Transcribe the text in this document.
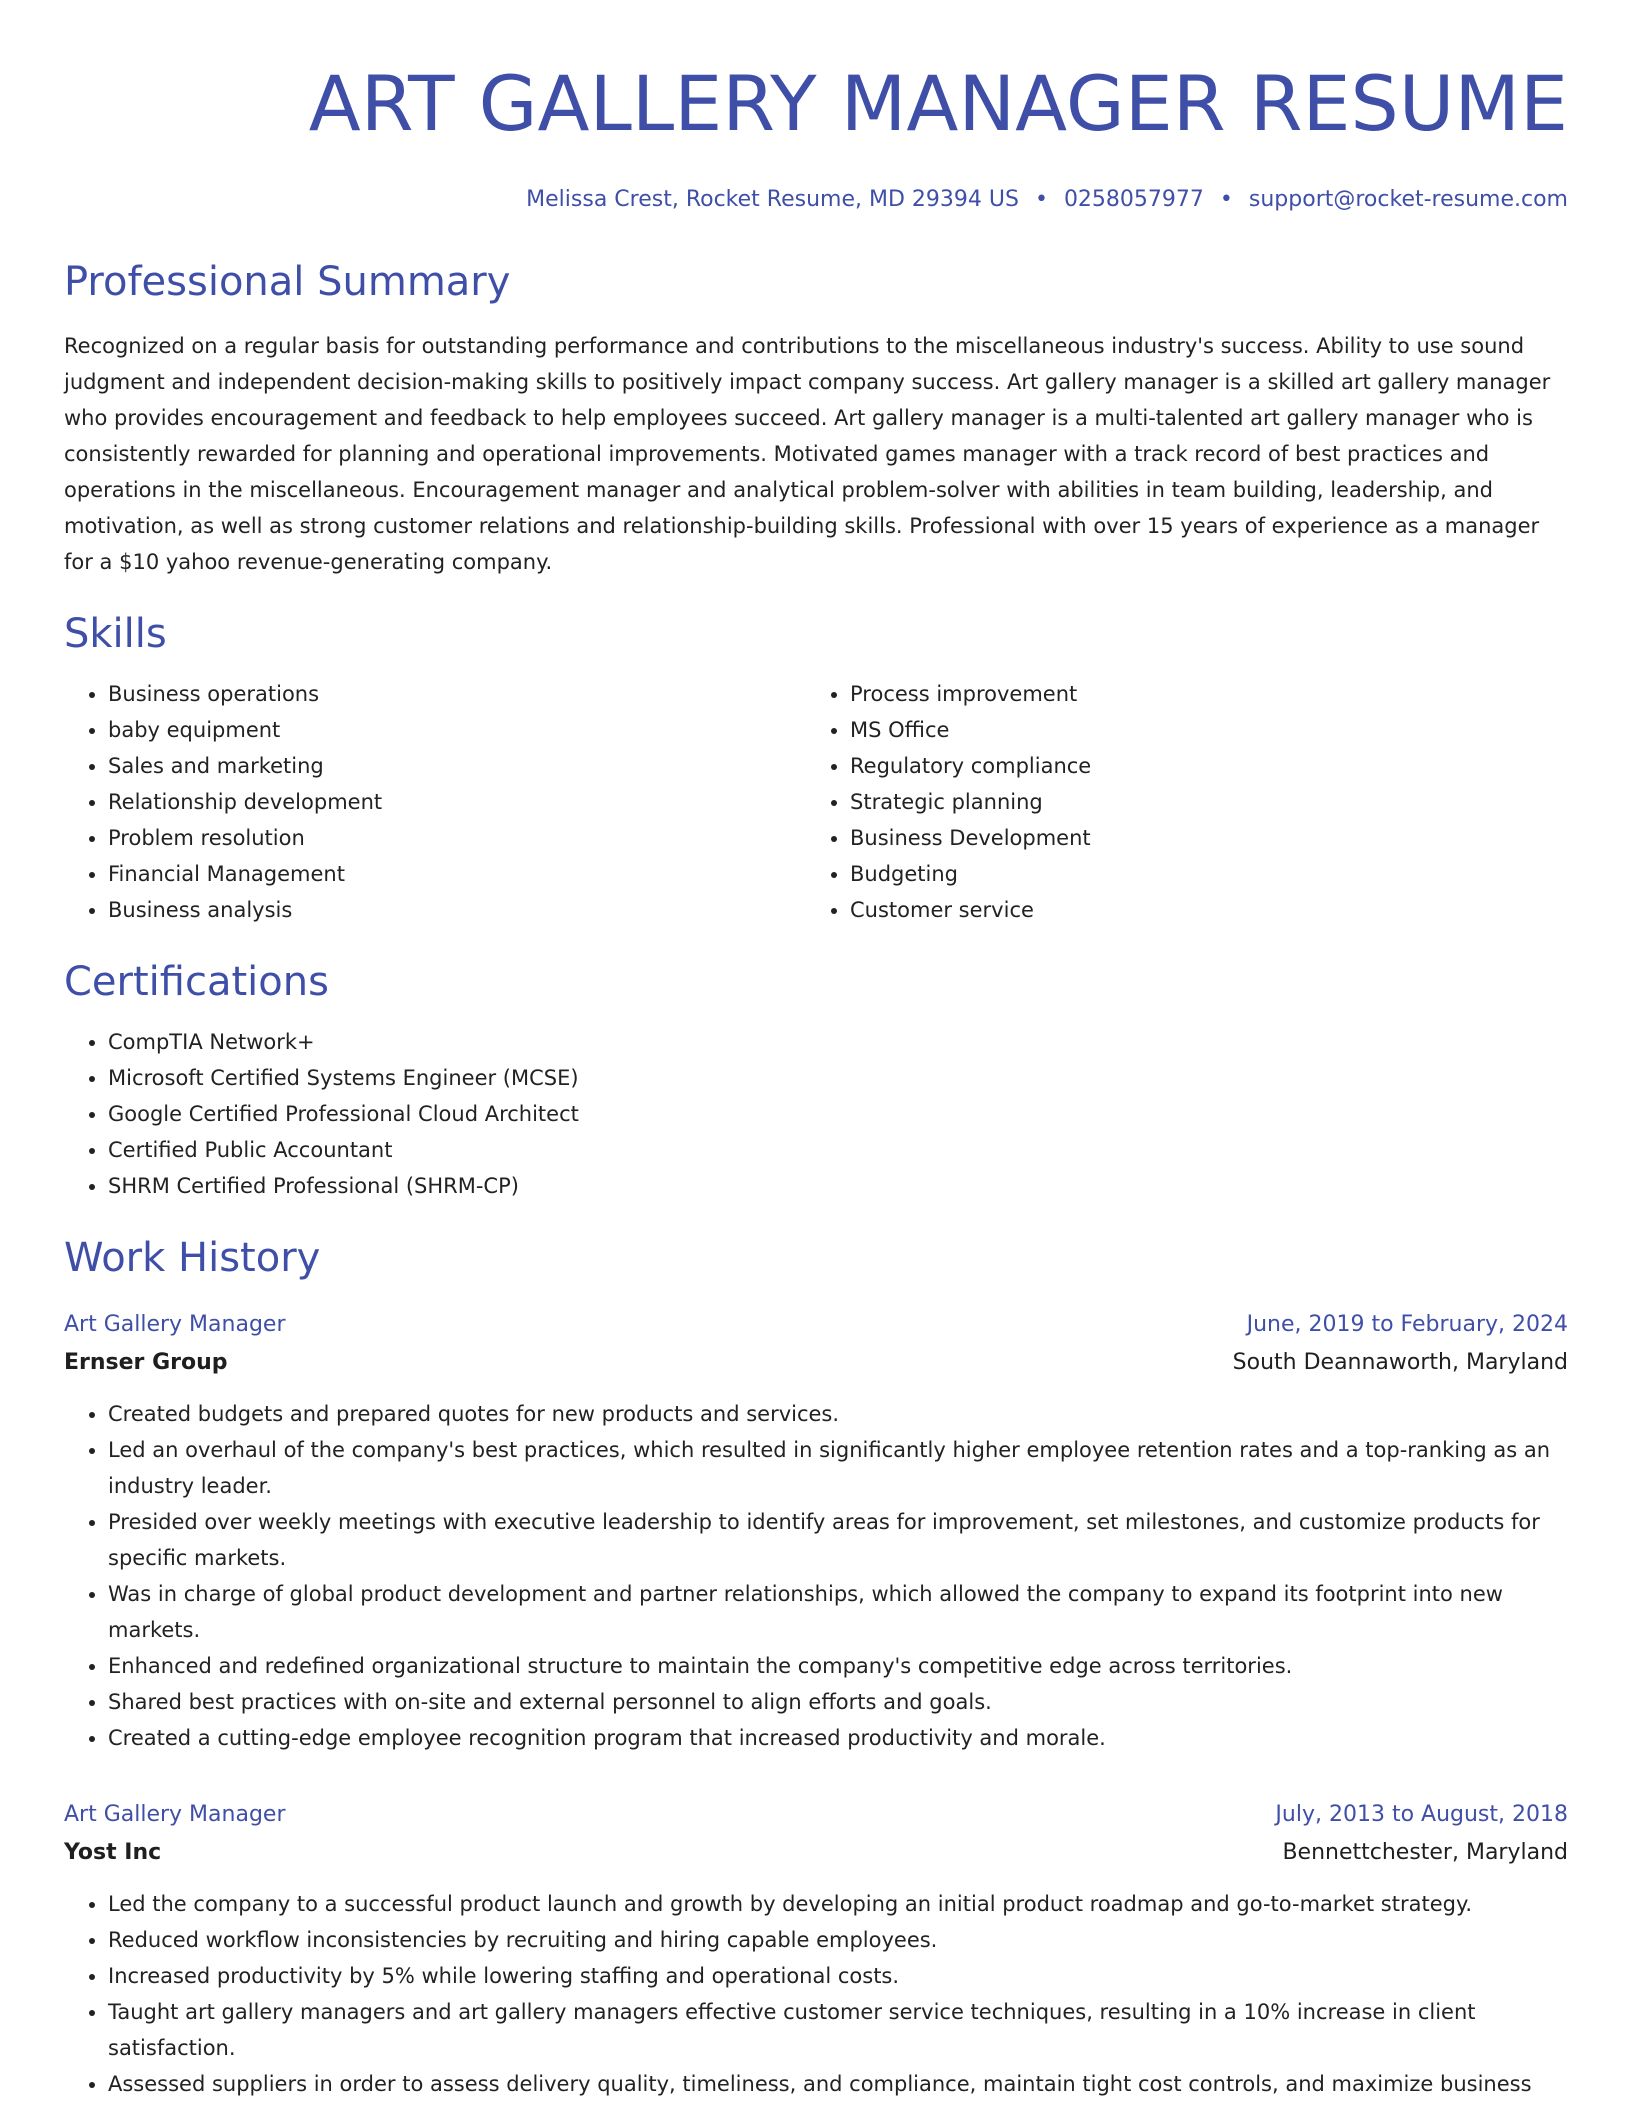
ART GALLERY MANAGER RESUME
Melissa Crest, Rocket Resume, MD 29394 US • 0258057977 • support@rocket-resume.com
Professional Summary

Recognized on a regular basis for outstanding performance and contributions to the miscellaneous industry's success. Ability to use sound judgment and independent decision-making skills to positively impact company success. Art gallery manager is a skilled art gallery manager who provides encouragement and feedback to help employees succeed. Art gallery manager is a multi-talented art gallery manager who is consistently rewarded for planning and operational improvements. Motivated games manager with a track record of best practices and operations in the miscellaneous. Encouragement manager and analytical problem-solver with abilities in team building, leadership, and motivation, as well as strong customer relations and relationship-building skills. Professional with over 15 years of experience as a manager for a $10 yahoo revenue-generating company.

Skills
• Business operations
• baby equipment
• Sales and marketing
• Relationship development
• Problem resolution
• Financial Management
• Business analysis
• Process improvement
• MS Office
• Regulatory compliance
• Strategic planning
• Business Development
• Budgeting
• Customer service
Certifications
• CompTIA Network+
• Microsoft Certified Systems Engineer (MCSE)
• Google Certified Professional Cloud Architect
• Certified Public Accountant
• SHRM Certified Professional (SHRM-CP)
Work History
Art Gallery Manager	June, 2019 to February, 2024
Ernser Group	South Deannaworth, Maryland
• Created budgets and prepared quotes for new products and services.
• Led an overhaul of the company's best practices, which resulted in significantly higher employee retention rates and a top-ranking as an industry leader.
• Presided over weekly meetings with executive leadership to identify areas for improvement, set milestones, and customize products for specific markets.
• Was in charge of global product development and partner relationships, which allowed the company to expand its footprint into new markets.
• Enhanced and redefined organizational structure to maintain the company's competitive edge across territories.
• Shared best practices with on-site and external personnel to align efforts and goals.
• Created a cutting-edge employee recognition program that increased productivity and morale.
Art Gallery Manager	July, 2013 to August, 2018
Yost Inc	Bennettchester, Maryland
• Led the company to a successful product launch and growth by developing an initial product roadmap and go-to-market strategy.
• Reduced workflow inconsistencies by recruiting and hiring capable employees.
• Increased productivity by 5% while lowering staffing and operational costs.
• Taught art gallery managers and art gallery managers effective customer service techniques, resulting in a 10% increase in client satisfaction.
• Assessed suppliers in order to assess delivery quality, timeliness, and compliance, maintain tight cost controls, and maximize business
